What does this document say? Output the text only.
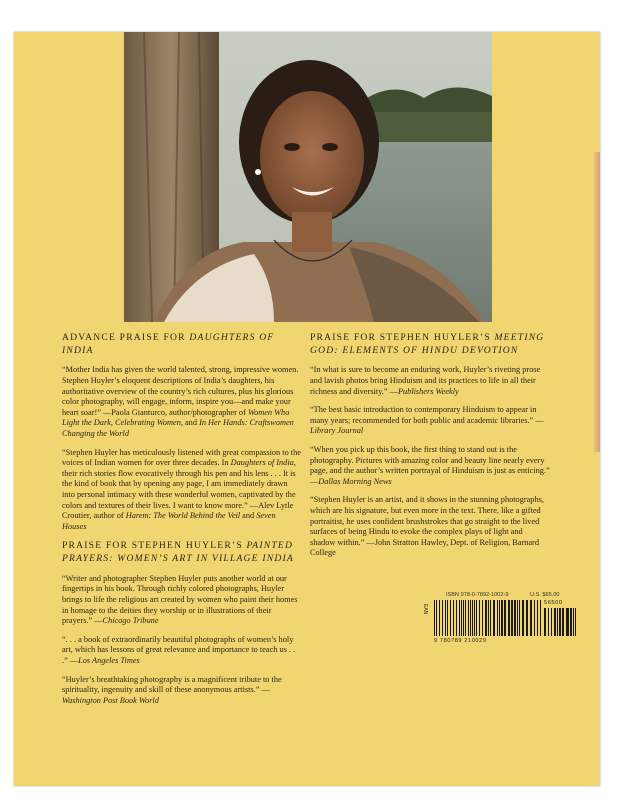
ADVANCE PRAISE FOR DAUGHTERS OF INDIA

“Mother India has given the world talented, strong, impressive women. Stephen Huyler’s eloquent descriptions of India’s daughters, his authoritative overview of the country’s rich cultures, plus his glorious color photography, will engage, inform, inspire you—and make your heart soar!” —Paola Gianturco, author/photographer of Women Who Light the Dark, Celebrating Women, and In Her Hands: Craftswomen Changing the World

“Stephen Huyler has meticulously listened with great compassion to the voices of Indian women for over three decades. In Daughters of India, their rich stories flow evocatively through his pen and his lens . . . It is the kind of book that by opening any page, I am immediately drawn into personal intimacy with these wonderful women, captivated by the colors and textures of their lives. I want to know more.” —Alev Lytle Croutier, author of Harem: The World Behind the Veil and Seven Houses

PRAISE FOR STEPHEN HUYLER’S PAINTED PRAYERS: WOMEN’S ART IN VILLAGE INDIA

“Writer and photographer Stephen Huyler puts another world at our fingertips in his book. Through richly colored photographs, Huyler brings to life the religious art created by women who paint their homes in homage to the deities they worship or in illustrations of their prayers.” —Chicago Tribune

“. . . a book of extraordinarily beautiful photographs of women’s holy art, which has lessons of great relevance and importance to teach us . . .” —Los Angeles Times

“Huyler’s breathtaking photography is a magnificent tribute to the spirituality, ingenuity and skill of these anonymous artists.” —Washington Post Book World

PRAISE FOR STEPHEN HUYLER’S MEETING GOD: ELEMENTS OF HINDU DEVOTION

“In what is sure to become an enduring work, Huyler’s riveting prose and lavish photos bring Hinduism and its practices to life in all their richness and diversity.” —Publishers Weekly

“The best basic introduction to contemporary Hinduism to appear in many years; recommended for both public and academic libraries.” —Library Journal

“When you pick up this book, the first thing to stand out is the photography. Pictures with amazing color and beauty line nearly every page, and the author’s written portrayal of Hinduism is just as enticing.” —Dallas Morning News

“Stephen Huyler is an artist, and it shows in the stunning photographs, which are his signature, but even more in the text. There, like a gifted portraitist, he uses confident brushstrokes that go straight to the lived surfaces of being Hindu to evoke the complex plays of light and shadow within.” —John Stratton Hawley, Dept. of Religion, Barnard College

ISBN 978-0-7892-1002-9	U.S. $65.00
EAN
56500
9 780789 210029
